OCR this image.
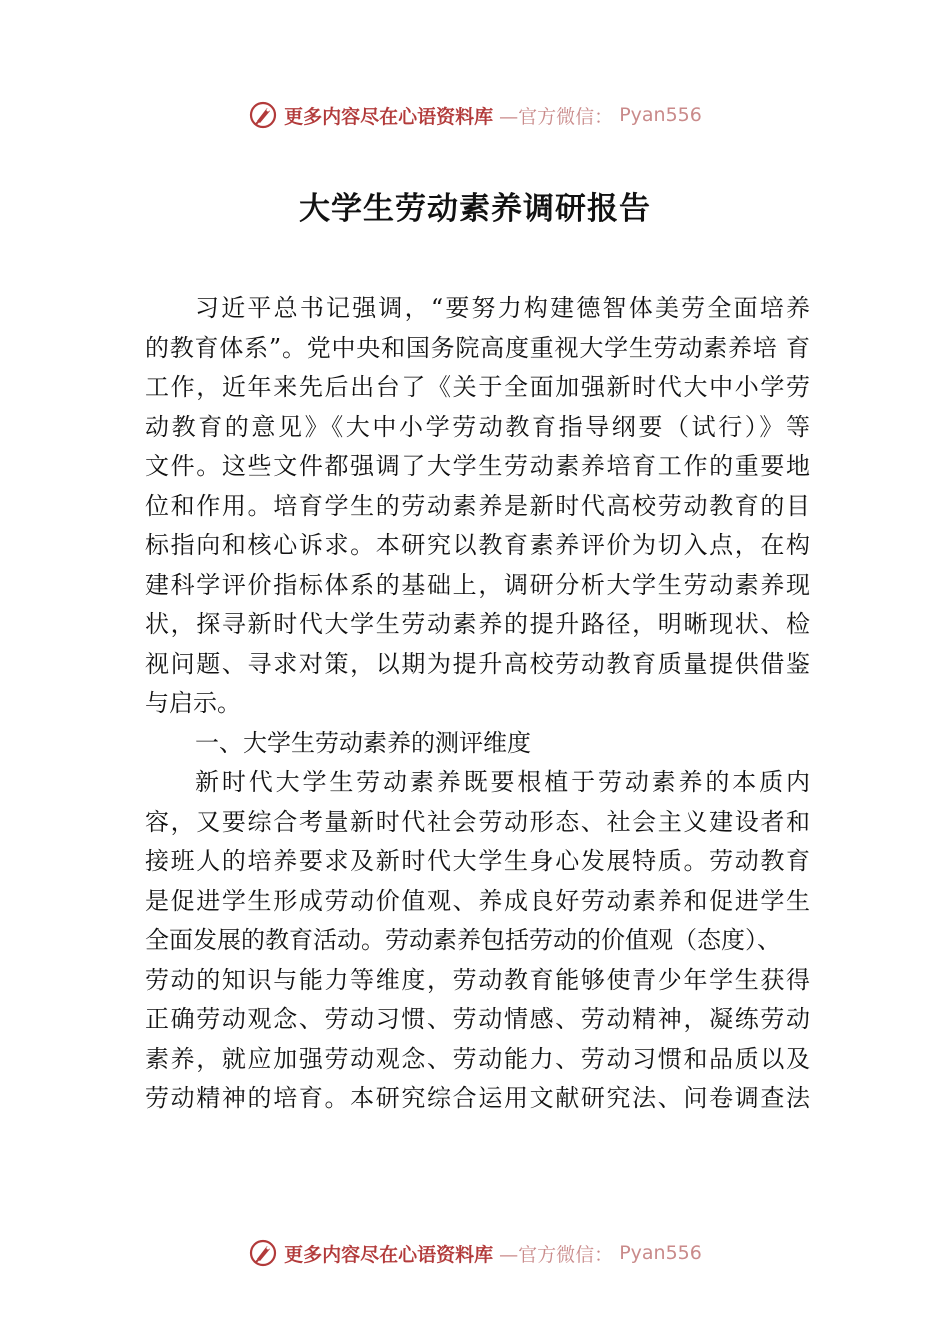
更多内容尽在心语资料库 —官方微信： Pyan556
大学生劳动素养调研报告
习近平总书记强调，“要努力构建德智体美劳全面培养
的教育体系”。党中央和国务院高度重视大学生劳动素养培 育
工作，近年来先后出台了《关于全面加强新时代大中小学劳
动教育的意见》《大中小学劳动教育指导纲要（试行）》等
文件。这些文件都强调了大学生劳动素养培育工作的重要地
位和作用。培育学生的劳动素养是新时代高校劳动教育的目
标指向和核心诉求。本研究以教育素养评价为切入点，在构
建科学评价指标体系的基础上，调研分析大学生劳动素养现
状，探寻新时代大学生劳动素养的提升路径，明晰现状、检
视问题、寻求对策，以期为提升高校劳动教育质量提供借鉴
与启示。
一、大学生劳动素养的测评维度
新时代大学生劳动素养既要根植于劳动素养的本质内
容，又要综合考量新时代社会劳动形态、社会主义建设者和
接班人的培养要求及新时代大学生身心发展特质。劳动教育
是促进学生形成劳动价值观、养成良好劳动素养和促进学生
全面发展的教育活动。劳动素养包括劳动的价值观（态度）、
劳动的知识与能力等维度，劳动教育能够使青少年学生获得
正确劳动观念、劳动习惯、劳动情感、劳动精神，凝练劳动
素养，就应加强劳动观念、劳动能力、劳动习惯和品质以及
劳动精神的培育。本研究综合运用文献研究法、问卷调查法
更多内容尽在心语资料库 —官方微信： Pyan556
